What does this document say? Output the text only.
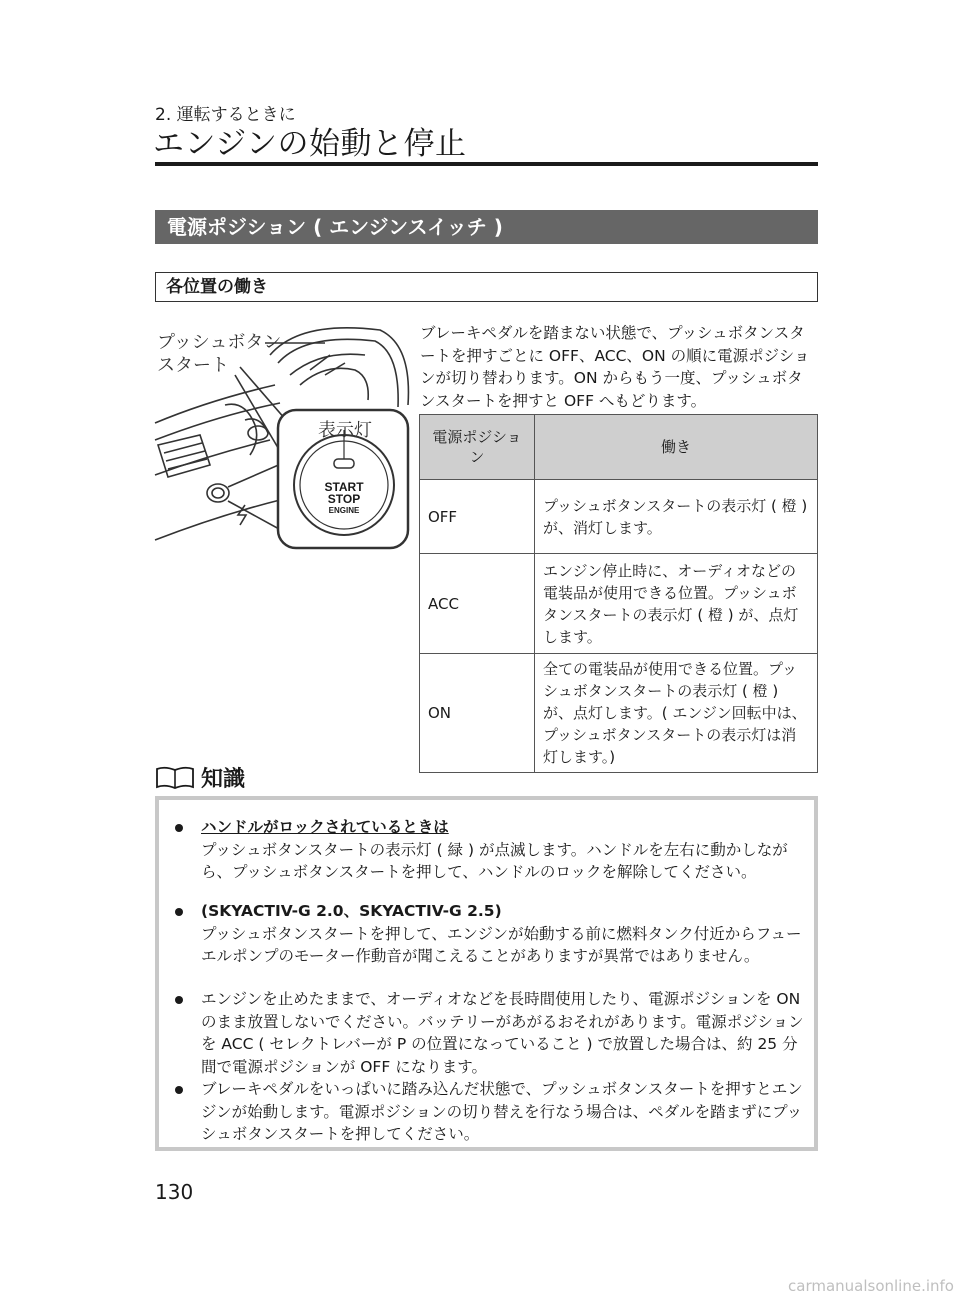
2. 運転するときに
エンジンの始動と停止
電源ポジション ( エンジンスイッチ )
各位置の働き
START
STOP
ENGINE
プッシュボタン
スタート
表示灯
ブレーキペダルを踏まない状態で、プッシュボタンスタートを押すごとに OFF、ACC、ON の順に電源ポジションが切り替わります。ON からもう一度、プッシュボタンスタートを押すと OFF へもどります。
電源ポジション	働き
OFF	プッシュボタンスタートの表示灯 ( 橙 ) が、消灯します。
ACC	エンジン停止時に、オーディオなどの電装品が使用できる位置。プッシュボタンスタートの表示灯 ( 橙 ) が、点灯します。
ON	全ての電装品が使用できる位置。プッシュボタンスタートの表示灯 ( 橙 ) が、点灯します。( エンジン回転中は、プッシュボタンスタートの表示灯は消灯します。)
知識
ハンドルがロックされているときは
プッシュボタンスタートの表示灯 ( 緑 ) が点滅します。ハンドルを左右に動かしながら、プッシュボタンスタートを押して、ハンドルのロックを解除してください。
(SKYACTIV-G 2.0、SKYACTIV-G 2.5)
プッシュボタンスタートを押して、エンジンが始動する前に燃料タンク付近からフューエルポンプのモーター作動音が聞こえることがありますが異常ではありません。
エンジンを止めたままで、オーディオなどを長時間使用したり、電源ポジションを ON のまま放置しないでください。バッテリーがあがるおそれがあります。電源ポジションを ACC ( セレクトレバーが P の位置になっていること ) で放置した場合は、約 25 分間で電源ポジションが OFF になります。
ブレーキペダルをいっぱいに踏み込んだ状態で、プッシュボタンスタートを押すとエンジンが始動します。電源ポジションの切り替えを行なう場合は、ペダルを踏まずにプッシュボタンスタートを押してください。
130
carmanualsonline.info
